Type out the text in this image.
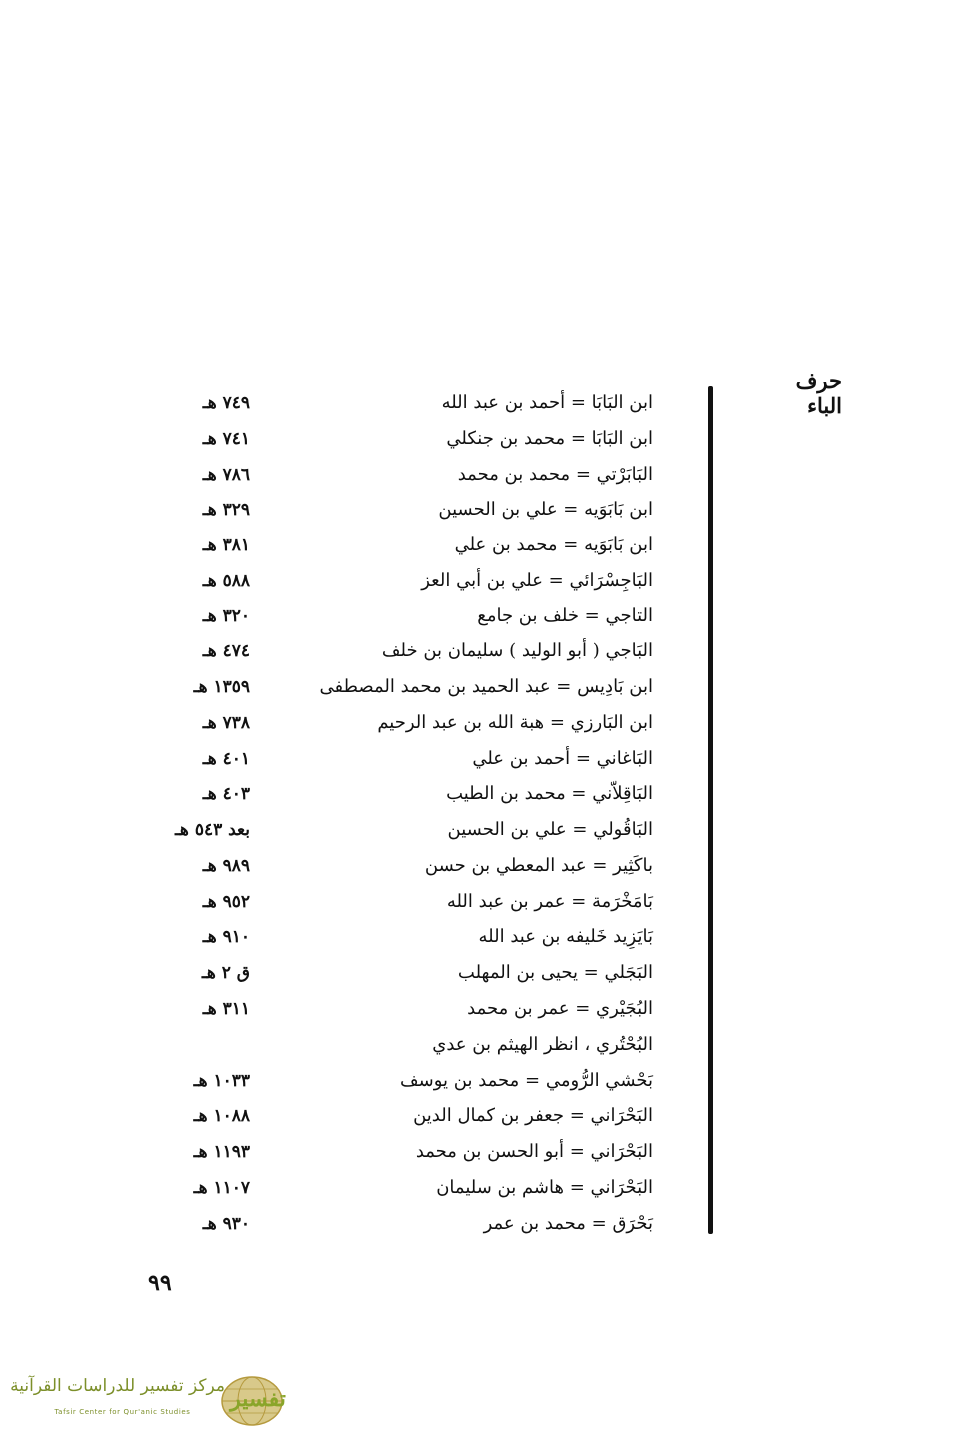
حرف الباء
ابن البَابَا = أحمد بن عبد الله
٧٤٩ هـ
ابن البَابَا = محمد بن جنكلي
٧٤١ هـ
البَابَرْتي = محمد بن محمد
٧٨٦ هـ
ابن بَابَوَيه = علي بن الحسين
٣٢٩ هـ
ابن بَابَوَيه = محمد بن علي
٣٨١ هـ
البَاجِسْرَائي = علي بن أبي العز
٥٨٨ هـ
التاجي = خلف بن جامع
٣٢٠ هـ
البَاجي ( أبو الوليد ) سليمان بن خلف
٤٧٤ هـ
ابن بَادِيس = عبد الحميد بن محمد المصطفى
١٣٥٩ هـ
ابن البَارزي = هبة الله بن عبد الرحيم
٧٣٨ هـ
البَاغاني = أحمد بن علي
٤٠١ هـ
البَاقِلاّني = محمد بن الطيب
٤٠٣ هـ
البَاقُولي = علي بن الحسين
بعد ٥٤٣ هـ
باكَثِير = عبد المعطي بن حسن
٩٨٩ هـ
بَامَخْرَمة = عمر بن عبد الله
٩٥٢ هـ
بَايَزِيد خَليفه بن عبد الله
٩١٠ هـ
البَجَلي = يحيى بن المهلب
ق ٢ هـ
البُجَيْري = عمر بن محمد
٣١١ هـ
البُحْتُري ، انظر الهيثم بن عدي
بَحْشي الرُّومي = محمد بن يوسف
١٠٣٣ هـ
البَحْرَاني = جعفر بن كمال الدين
١٠٨٨ هـ
البَحْرَاني = أبو الحسن بن محمد
١١٩٣ هـ
البَحْرَاني = هاشم بن سليمان
١١٠٧ هـ
بَحْرَق = محمد بن عمر
٩٣٠ هـ
٩٩
مركز تفسير للدراسات القرآنية
Tafsir Center for Qur'anic Studies	تفسير
